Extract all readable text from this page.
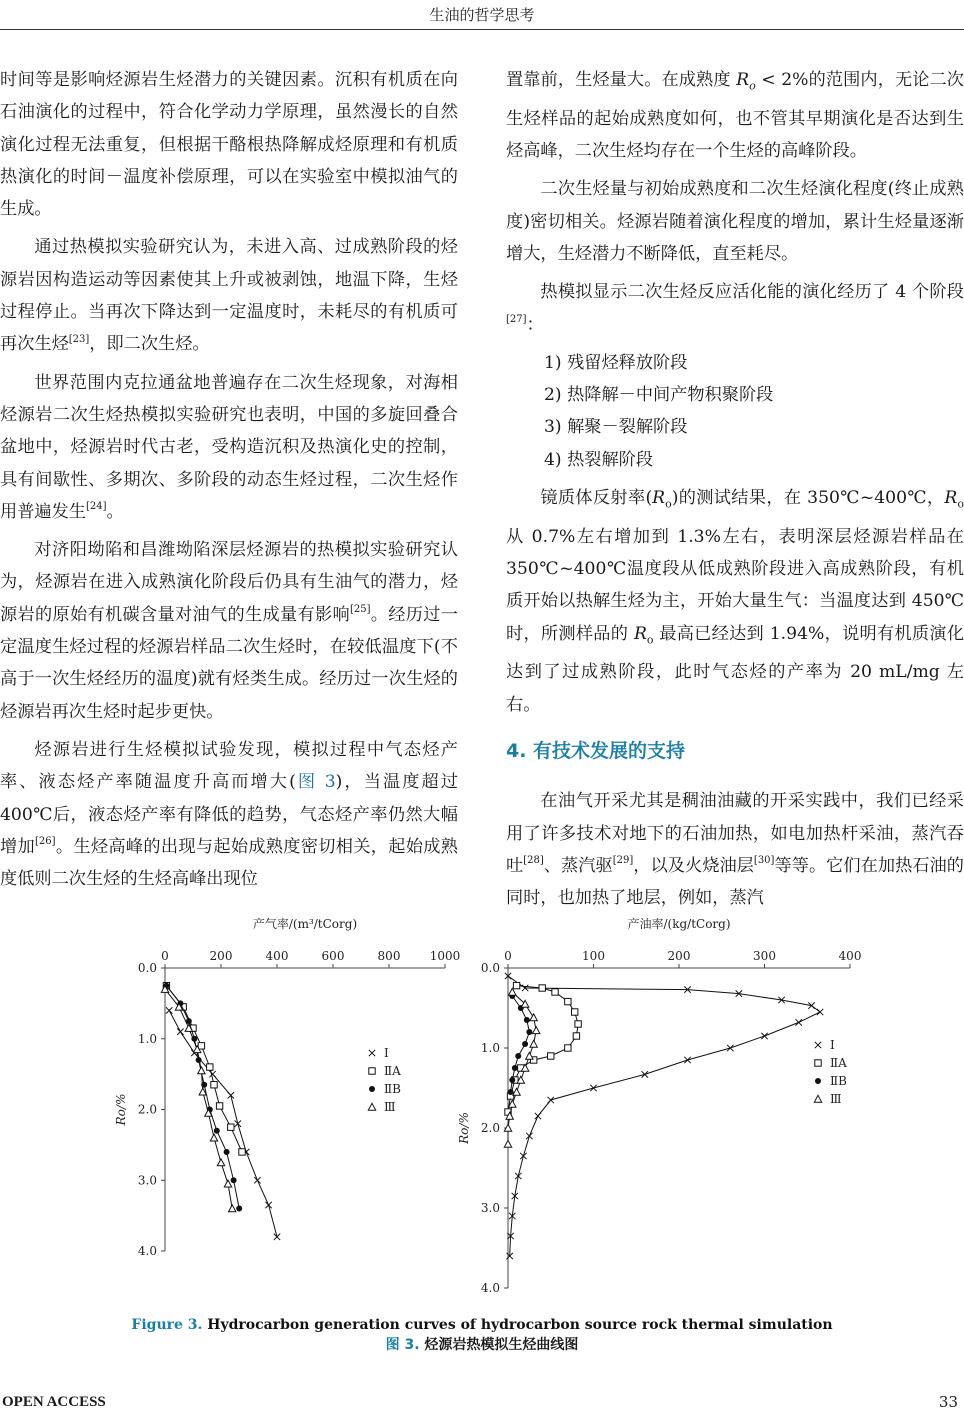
生油的哲学思考

时间等是影响烃源岩生烃潜力的关键因素。沉积有机质在向石油演化的过程中，符合化学动力学原理，虽然漫长的自然演化过程无法重复，但根据干酪根热降解成烃原理和有机质热演化的时间－温度补偿原理，可以在实验室中模拟油气的生成。

通过热模拟实验研究认为，未进入高、过成熟阶段的烃源岩因构造运动等因素使其上升或被剥蚀，地温下降，生烃过程停止。当再次下降达到一定温度时，未耗尽的有机质可再次生烃[23]，即二次生烃。

世界范围内克拉通盆地普遍存在二次生烃现象，对海相烃源岩二次生烃热模拟实验研究也表明，中国的多旋回叠合盆地中，烃源岩时代古老，受构造沉积及热演化史的控制，具有间歇性、多期次、多阶段的动态生烃过程，二次生烃作用普遍发生[24]。

对济阳坳陷和昌潍坳陷深层烃源岩的热模拟实验研究认为，烃源岩在进入成熟演化阶段后仍具有生油气的潜力，烃源岩的原始有机碳含量对油气的生成量有影响[25]。经历过一定温度生烃过程的烃源岩样品二次生烃时，在较低温度下(不高于一次生烃经历的温度)就有烃类生成。经历过一次生烃的烃源岩再次生烃时起步更快。

烃源岩进行生烃模拟试验发现，模拟过程中气态烃产率、液态烃产率随温度升高而增大(图 3)，当温度超过 400℃后，液态烃产率有降低的趋势，气态烃产率仍然大幅增加[26]。生烃高峰的出现与起始成熟度密切相关，起始成熟度低则二次生烃的生烃高峰出现位

置靠前，生烃量大。在成熟度 $R_o < 2\%$的范围内，无论二次生烃样品的起始成熟度如何，也不管其早期演化是否达到生烃高峰，二次生烃均存在一个生烃的高峰阶段。

二次生烃量与初始成熟度和二次生烃演化程度(终止成熟度)密切相关。烃源岩随着演化程度的增加，累计生烃量逐渐增大，生烃潜力不断降低，直至耗尽。

热模拟显示二次生烃反应活化能的演化经历了 4 个阶段[27]：

1) 残留烃释放阶段
2) 热降解－中间产物积聚阶段
3) 解聚－裂解阶段
4) 热裂解阶段

镜质体反射率$(R_o)$的测试结果，在 350℃~400℃，$R_o$ 从 0.7%左右增加到 1.3%左右，表明深层烃源岩样品在 350℃~400℃温度段从低成熟阶段进入高成熟阶段，有机质开始以热解生烃为主，开始大量生气：当温度达到 450℃时，所测样品的 $R_o$ 最高已经达到 1.94%，说明有机质演化达到了过成熟阶段，此时气态烃的产率为 20 mL/mg 左右。

4. 有技术发展的支持

在油气开采尤其是稠油油藏的开采实践中，我们已经采用了许多技术对地下的石油加热，如电加热杆采油，蒸汽吞吐[28]、蒸汽驱[29]，以及火烧油层[30]等等。它们在加热石油的同时，也加热了地层，例如，蒸汽

产气率/(m³/tCorg)
0	200	400	600	800 1000
0.0
1.0
2.0
3.0
4.0
Ro/%
Ⅰ
ⅡA
ⅡB
Ⅲ
产油率/(kg/tCorg)
0	100	200	300	400
0.0
1.0
2.0
3.0
4.0
Ro/%
Ⅰ
ⅡA
ⅡB
Ⅲ
Figure 3. Hydrocarbon generation curves of hydrocarbon source rock thermal simulation
图 3. 烃源岩热模拟生烃曲线图
OPEN ACCESS	33
